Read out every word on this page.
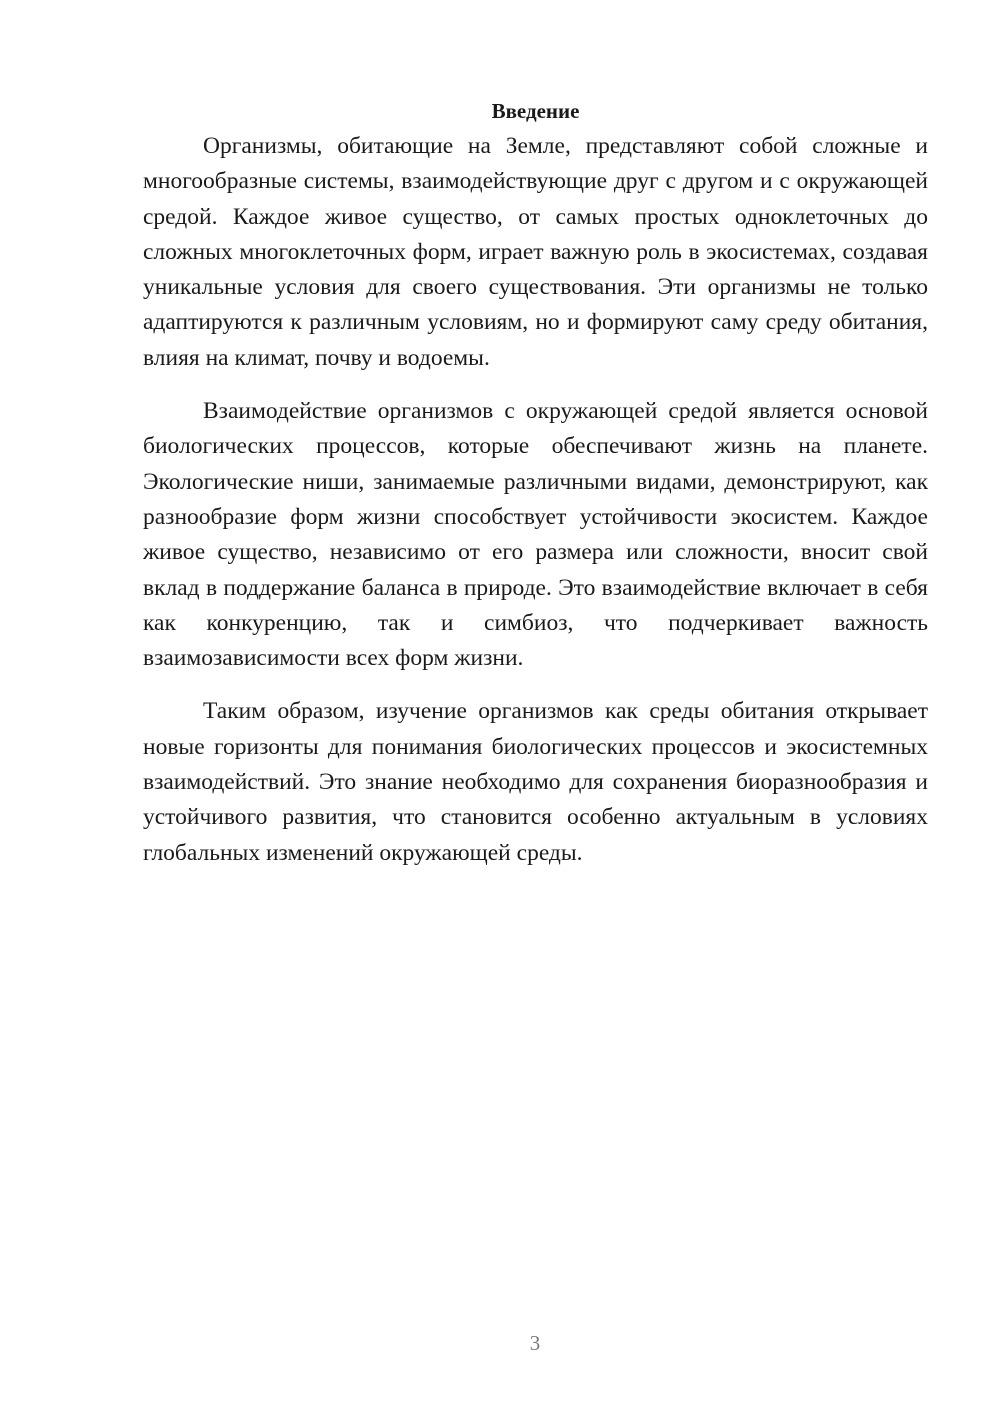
Введение

Организмы, обитающие на Земле, представляют собой сложные и многообразные системы, взаимодействующие друг с другом и с окружающей средой. Каждое живое существо, от самых простых одноклеточных до сложных многоклеточных форм, играет важную роль в экосистемах, создавая уникальные условия для своего существования. Эти организмы не только адаптируются к различным условиям, но и формируют саму среду обитания, влияя на климат, почву и водоемы.

Взаимодействие организмов с окружающей средой является основой биологических процессов, которые обеспечивают жизнь на планете. Экологические ниши, занимаемые различными видами, демонстрируют, как разнообразие форм жизни способствует устойчивости экосистем. Каждое живое существо, независимо от его размера или сложности, вносит свой вклад в поддержание баланса в природе. Это взаимодействие включает в себя как конкуренцию, так и симбиоз, что подчеркивает важность взаимозависимости всех форм жизни.

Таким образом, изучение организмов как среды обитания открывает новые горизонты для понимания биологических процессов и экосистемных взаимодействий. Это знание необходимо для сохранения биоразнообразия и устойчивого развития, что становится особенно актуальным в условиях глобальных изменений окружающей среды.

3
